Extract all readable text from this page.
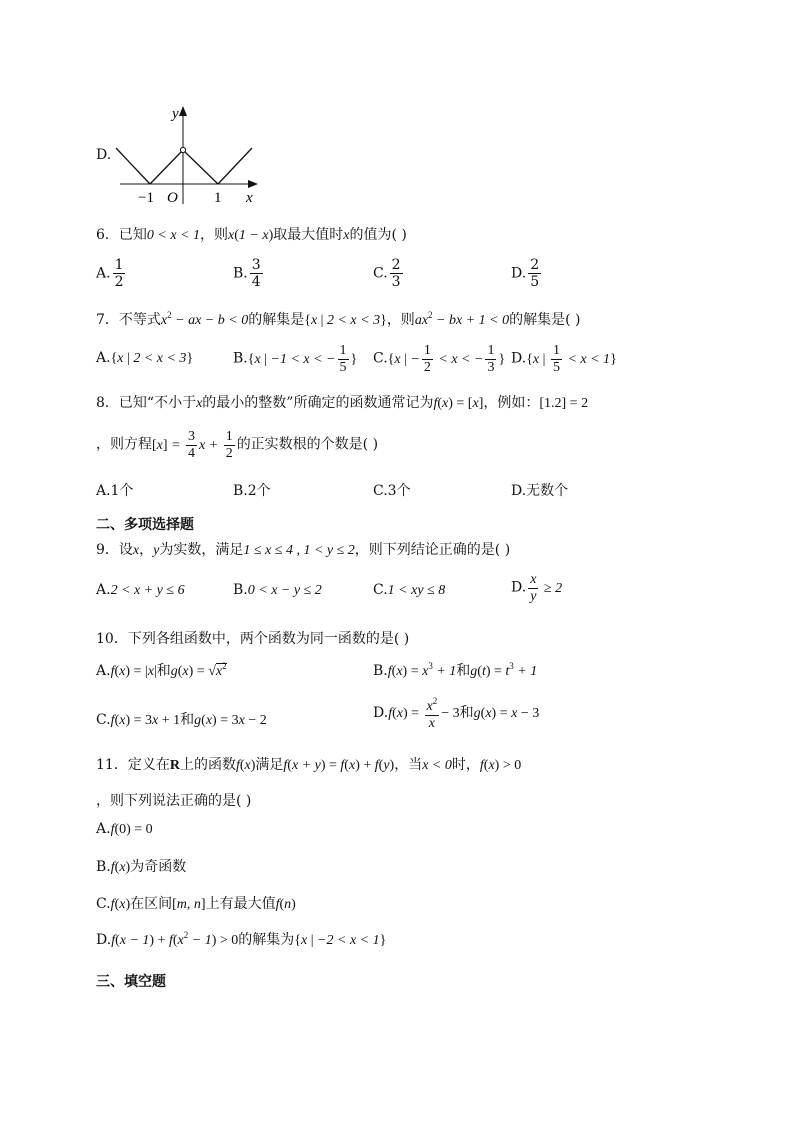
D.
y
x
O
−1	1
6．已知0 < x < 1，则x(1 − x)取最大值时x的值为( )
A. $\frac{1}{2}$	B. $\frac{3}{4}$	C. $\frac{2}{3}$	D. $\frac{2}{5}$
7．不等式$x^2$ − ax − b < 0的解集是{x | 2 < x < 3}，则$ax^2$ − bx + 1 < 0的解集是( )
A.{x | 2 < x < 3}	B.{x | −1 < x < − $\frac{1}{5}$ } C.{x | − $\frac{1}{2} < x$ < − $\frac{1}{3}$ } D.{x | $\frac{1}{5} < x < 1$}
8．已知“不小于x的最小的整数”所确定的函数通常记为f(x) = [x]，例如：[1.2] = 2
，则方程$[x] = \frac{3}{4}$ $x + \frac{1}{2}$ 的正实数根的个数是( )
A.1个	B.2个	C.3个	D.无数个
二、多项选择题
9．设x，y为实数，满足1 ≤ x ≤ 4 , 1 < y ≤ 2，则下列结论正确的是( )
A.2 < x + y ≤ 6	B.0 < x − y ≤ 2	C.1 < xy ≤ 8	D. $\frac{x}{y} \ge 2$
10．下列各组函数中，两个函数为同一函数的是( )
A.f(x) = |x|和$g(x) = √x^2$	$B.f(x) = x^3 + 1$和$g(t) = t^3 + 1$
C.f(x) = 3x + 1和g(x) = 3x − 2	$D.f(x) = \frac{x^2}{x} - 3$和g(x) = x − 3
11．定义在R上的函数f(x)满足f(x + y) = f(x) + f(y)，当x < 0时，f(x) > 0
，则下列说法正确的是( )
A.f(0) = 0
B.f(x)为奇函数
C.f(x)在区间[m, n]上有最大值f(n)
$D.f(x - 1) + f(x^2 - 1) > 0$的解集为{x | −2 < x < 1}
三、填空题
